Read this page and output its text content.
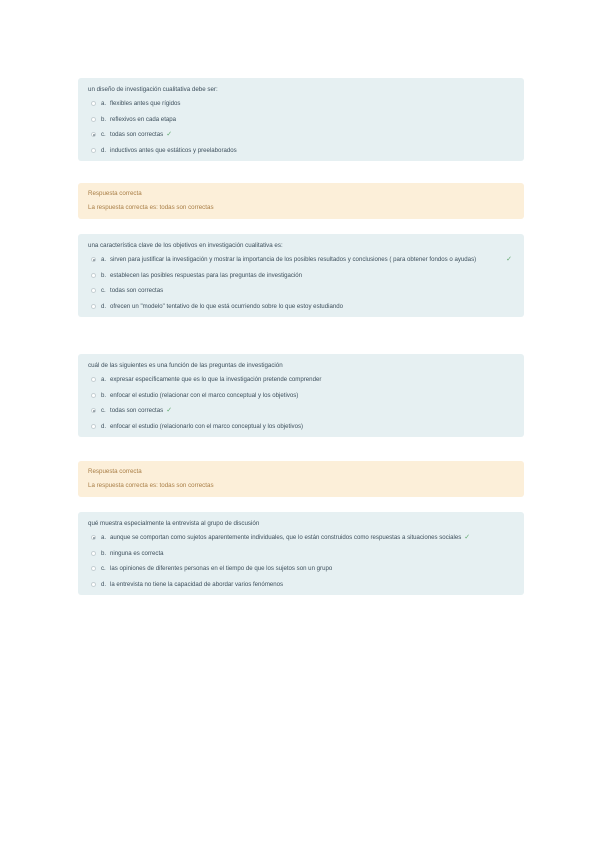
un diseño de investigación cualitativa debe ser:

a. flexibles antes que rígidos
b. reflexivos en cada etapa
c. todas son correctas ✓
d. inductivos antes que estáticos y preelaborados

Respuesta correcta

La respuesta correcta es: todas son correctas

una característica clave de los objetivos en investigación cualitativa es:

a. sirven para justificar la investigación y mostrar la importancia de los posibles resultados y conclusiones ( para obtener fondos o ayudas)	✓
b. establecen las posibles respuestas para las preguntas de investigación
c. todas son correctas
d. ofrecen un "modelo" tentativo de lo que está ocurriendo sobre lo que estoy estudiando

cuál de las siguientes es una función de las preguntas de investigación

a. expresar específicamente que es lo que la investigación pretende comprender
b. enfocar el estudio (relacionar con el marco conceptual y los objetivos)
c. todas son correctas ✓
d. enfocar el estudio (relacionarlo con el marco conceptual y los objetivos)

Respuesta correcta

La respuesta correcta es: todas son correctas

qué muestra especialmente la entrevista al grupo de discusión

a. aunque se comportan como sujetos aparentemente individuales, que lo están construidos como respuestas a situaciones sociales ✓
b. ninguna es correcta
c. las opiniones de diferentes personas en el tiempo de que los sujetos son un grupo
d. la entrevista no tiene la capacidad de abordar varios fenómenos
